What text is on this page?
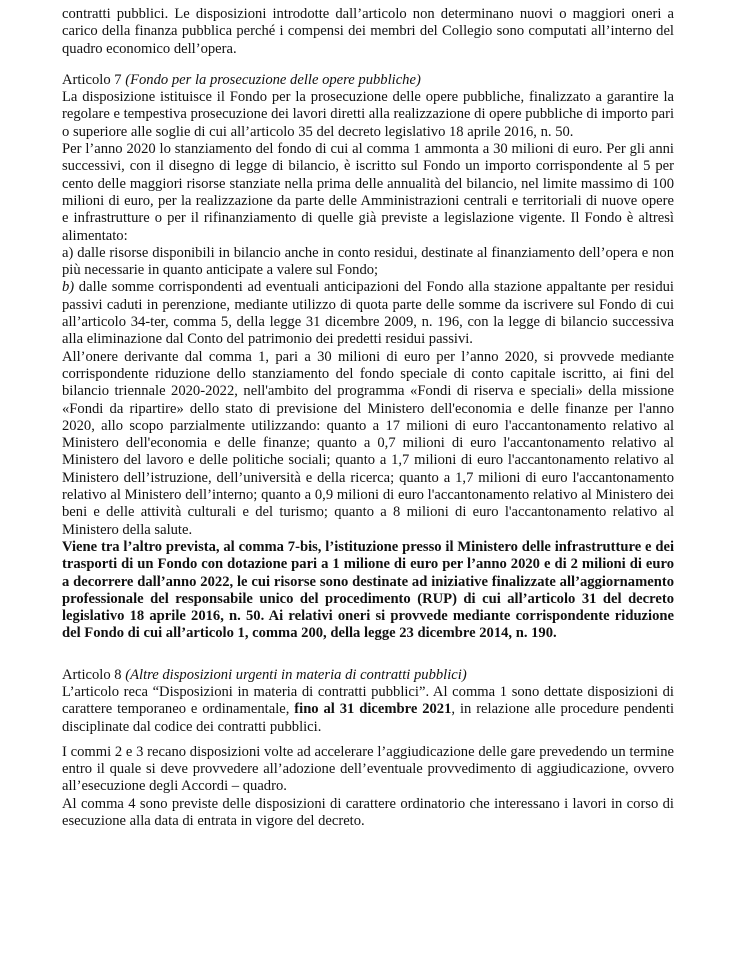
contratti pubblici. Le disposizioni introdotte dall’articolo non determinano nuovi o maggiori oneri a carico della finanza pubblica perché i compensi dei membri del Collegio sono computati all’interno del quadro economico dell’opera.

Articolo 7 (Fondo per la prosecuzione delle opere pubbliche)

La disposizione istituisce il Fondo per la prosecuzione delle opere pubbliche, finalizzato a garantire la regolare e tempestiva prosecuzione dei lavori diretti alla realizzazione di opere pubbliche di importo pari o superiore alle soglie di cui all’articolo 35 del decreto legislativo 18 aprile 2016, n. 50.

Per l’anno 2020 lo stanziamento del fondo di cui al comma 1 ammonta a 30 milioni di euro. Per gli anni successivi, con il disegno di legge di bilancio, è iscritto sul Fondo un importo corrispondente al 5 per cento delle maggiori risorse stanziate nella prima delle annualità del bilancio, nel limite massimo di 100 milioni di euro, per la realizzazione da parte delle Amministrazioni centrali e territoriali di nuove opere e infrastrutture o per il rifinanziamento di quelle già previste a legislazione vigente. Il Fondo è altresì alimentato:

a) dalle risorse disponibili in bilancio anche in conto residui, destinate al finanziamento dell’opera e non più necessarie in quanto anticipate a valere sul Fondo;

b) dalle somme corrispondenti ad eventuali anticipazioni del Fondo alla stazione appaltante per residui passivi caduti in perenzione, mediante utilizzo di quota parte delle somme da iscrivere sul Fondo di cui all’articolo 34-ter, comma 5, della legge 31 dicembre 2009, n. 196, con la legge di bilancio successiva alla eliminazione dal Conto del patrimonio dei predetti residui passivi.

All’onere derivante dal comma 1, pari a 30 milioni di euro per l’anno 2020, si provvede mediante corrispondente riduzione dello stanziamento del fondo speciale di conto capitale iscritto, ai fini del bilancio triennale 2020-2022, nell'ambito del programma «Fondi di riserva e speciali» della missione «Fondi da ripartire» dello stato di previsione del Ministero dell'economia e delle finanze per l'anno 2020, allo scopo parzialmente utilizzando: quanto a 17 milioni di euro l'accantonamento relativo al Ministero dell'economia e delle finanze; quanto a 0,7 milioni di euro l'accantonamento relativo al Ministero del lavoro e delle politiche sociali; quanto a 1,7 milioni di euro l'accantonamento relativo al Ministero dell’istruzione, dell’università e della ricerca; quanto a 1,7 milioni di euro l'accantonamento relativo al Ministero dell’interno; quanto a 0,9 milioni di euro l'accantonamento relativo al Ministero dei beni e delle attività culturali e del turismo; quanto a 8 milioni di euro l'accantonamento relativo al Ministero della salute.

Viene tra l’altro prevista, al comma 7-bis, l’istituzione presso il Ministero delle infrastrutture e dei trasporti di un Fondo con dotazione pari a 1 milione di euro per l’anno 2020 e di 2 milioni di euro a decorrere dall’anno 2022, le cui risorse sono destinate ad iniziative finalizzate all’aggiornamento professionale del responsabile unico del procedimento (RUP) di cui all’articolo 31 del decreto legislativo 18 aprile 2016, n. 50. Ai relativi oneri si provvede mediante corrispondente riduzione del Fondo di cui all’articolo 1, comma 200, della legge 23 dicembre 2014, n. 190.

Articolo 8 (Altre disposizioni urgenti in materia di contratti pubblici)

L’articolo reca “Disposizioni in materia di contratti pubblici”. Al comma 1 sono dettate disposizioni di carattere temporaneo e ordinamentale, fino al 31 dicembre 2021, in relazione alle procedure pendenti disciplinate dal codice dei contratti pubblici.

I commi 2 e 3 recano disposizioni volte ad accelerare l’aggiudicazione delle gare prevedendo un termine entro il quale si deve provvedere all’adozione dell’eventuale provvedimento di aggiudicazione, ovvero all’esecuzione degli Accordi – quadro.

Al comma 4 sono previste delle disposizioni di carattere ordinatorio che interessano i lavori in corso di esecuzione alla data di entrata in vigore del decreto.
